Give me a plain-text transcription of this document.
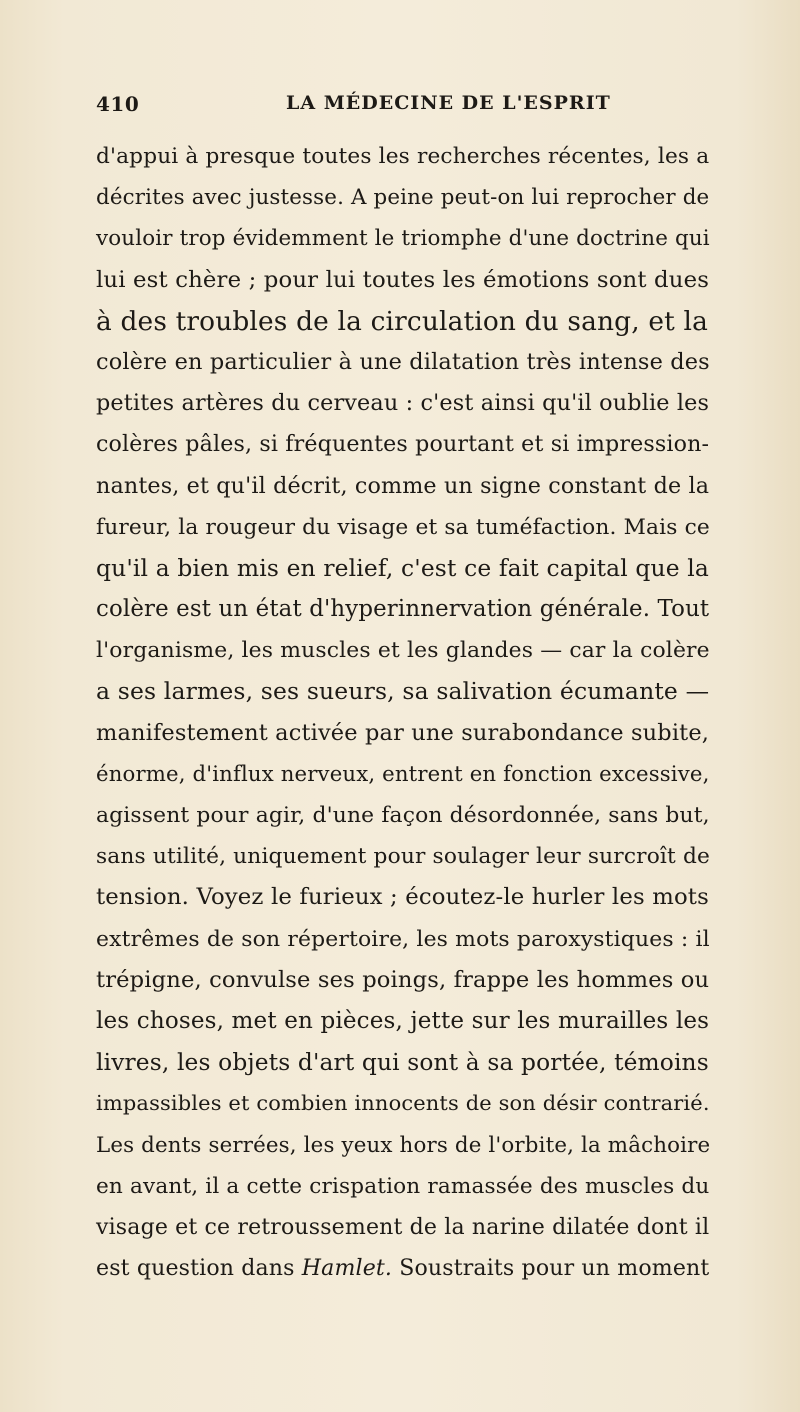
410	LA MÉDECINE DE L'ESPRIT
d'appui à presque toutes les recherches récentes, les a
décrites avec justesse. A peine peut-on lui reprocher de
vouloir trop évidemment le triomphe d'une doctrine qui
lui est chère ; pour lui toutes les émotions sont dues
à des troubles de la circulation du sang, et la
colère en particulier à une dilatation très intense des
petites artères du cerveau : c'est ainsi qu'il oublie les
colères pâles, si fréquentes pourtant et si impression-
nantes, et qu'il décrit, comme un signe constant de la
fureur, la rougeur du visage et sa tuméfaction. Mais ce
qu'il a bien mis en relief, c'est ce fait capital que la
colère est un état d'hyperinnervation générale. Tout
l'organisme, les muscles et les glandes — car la colère
a ses larmes, ses sueurs, sa salivation écumante —
manifestement activée par une surabondance subite,
énorme, d'influx nerveux, entrent en fonction excessive,
agissent pour agir, d'une façon désordonnée, sans but,
sans utilité, uniquement pour soulager leur surcroît de
tension. Voyez le furieux ; écoutez-le hurler les mots
extrêmes de son répertoire, les mots paroxystiques : il
trépigne, convulse ses poings, frappe les hommes ou
les choses, met en pièces, jette sur les murailles les
livres, les objets d'art qui sont à sa portée, témoins
impassibles et combien innocents de son désir contrarié.
Les dents serrées, les yeux hors de l'orbite, la mâchoire
en avant, il a cette crispation ramassée des muscles du
visage et ce retroussement de la narine dilatée dont il
est question dans Hamlet. Soustraits pour un moment
